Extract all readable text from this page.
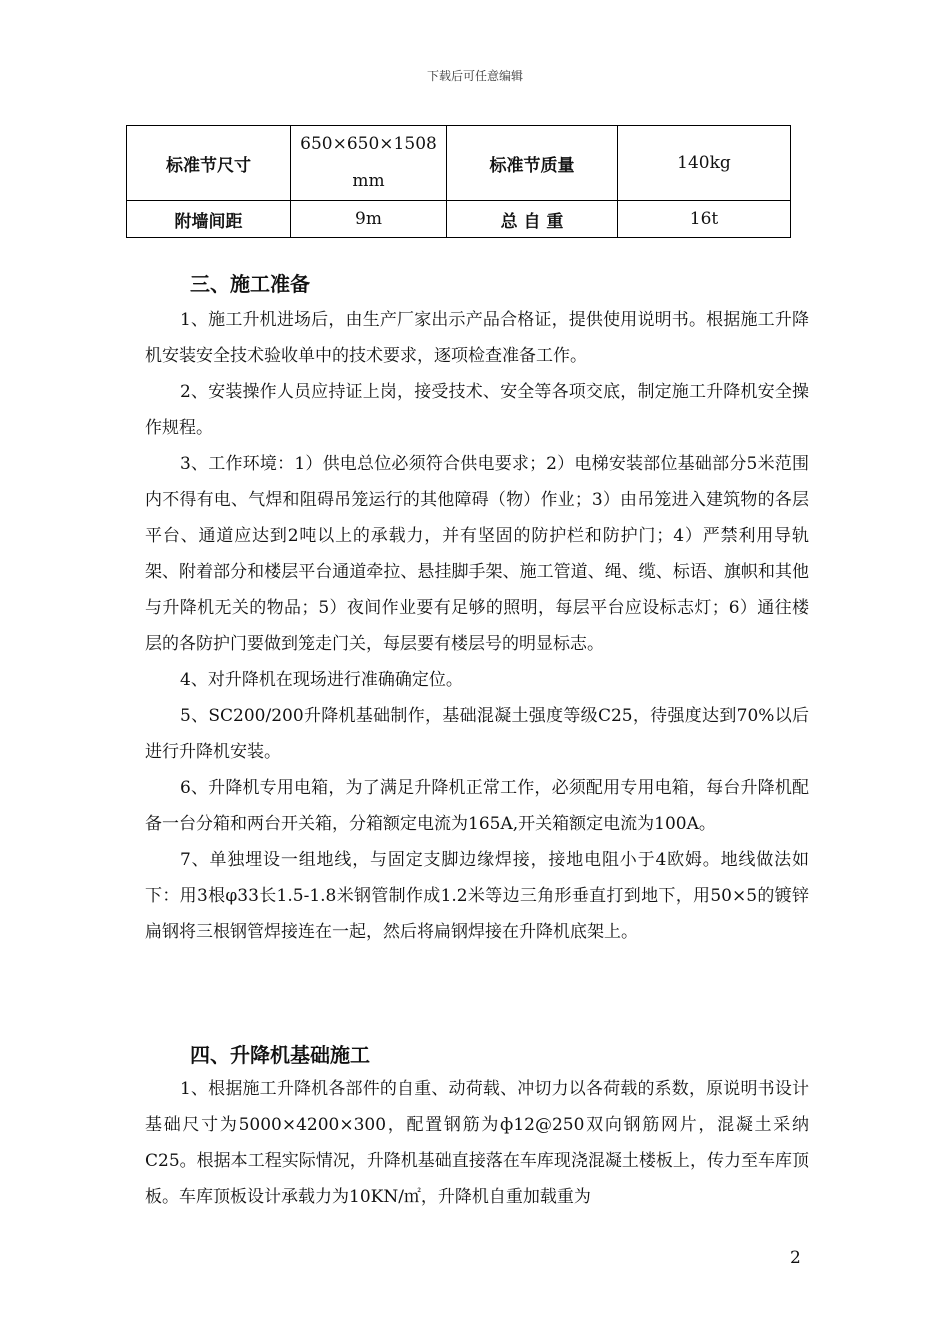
下载后可任意编辑
标准节尺寸	650×650×1508 mm	标准节质量	140kg
附墙间距	9m	总 自 重	16t
三、施工准备

1、施工升机进场后，由生产厂家出示产品合格证，提供使用说明书。根据施工升降机安装安全技术验收单中的技术要求，逐项检查准备工作。

2、安装操作人员应持证上岗，接受技术、安全等各项交底，制定施工升降机安全操作规程。

3、工作环境：1）供电总位必须符合供电要求；2）电梯安装部位基础部分5米范围内不得有电、气焊和阻碍吊笼运行的其他障碍（物）作业；3）由吊笼进入建筑物的各层平台、通道应达到2吨以上的承载力，并有坚固的防护栏和防护门；4）严禁利用导轨架、附着部分和楼层平台通道牵拉、悬挂脚手架、施工管道、绳、缆、标语、旗帜和其他与升降机无关的物品；5）夜间作业要有足够的照明，每层平台应设标志灯；6）通往楼层的各防护门要做到笼走门关，每层要有楼层号的明显标志。

4、对升降机在现场进行准确确定位。

5、SC200/200升降机基础制作，基础混凝土强度等级C25，待强度达到70%以后进行升降机安装。

6、升降机专用电箱，为了满足升降机正常工作，必须配用专用电箱，每台升降机配备一台分箱和两台开关箱，分箱额定电流为165A,开关箱额定电流为100A。

7、单独埋设一组地线，与固定支脚边缘焊接，接地电阻小于4欧姆。地线做法如下：用3根φ33长1.5-1.8米钢管制作成1.2米等边三角形垂直打到地下，用50×5的镀锌扁钢将三根钢管焊接连在一起，然后将扁钢焊接在升降机底架上。

四、升降机基础施工

1、根据施工升降机各部件的自重、动荷载、冲切力以各荷载的系数，原说明书设计基础尺寸为5000×4200×300，配置钢筋为ф12@250双向钢筋网片，混凝土采纳C25。根据本工程实际情况，升降机基础直接落在车库现浇混凝土楼板上，传力至车库顶板。车库顶板设计承载力为10KN/㎡，升降机自重加载重为

2
